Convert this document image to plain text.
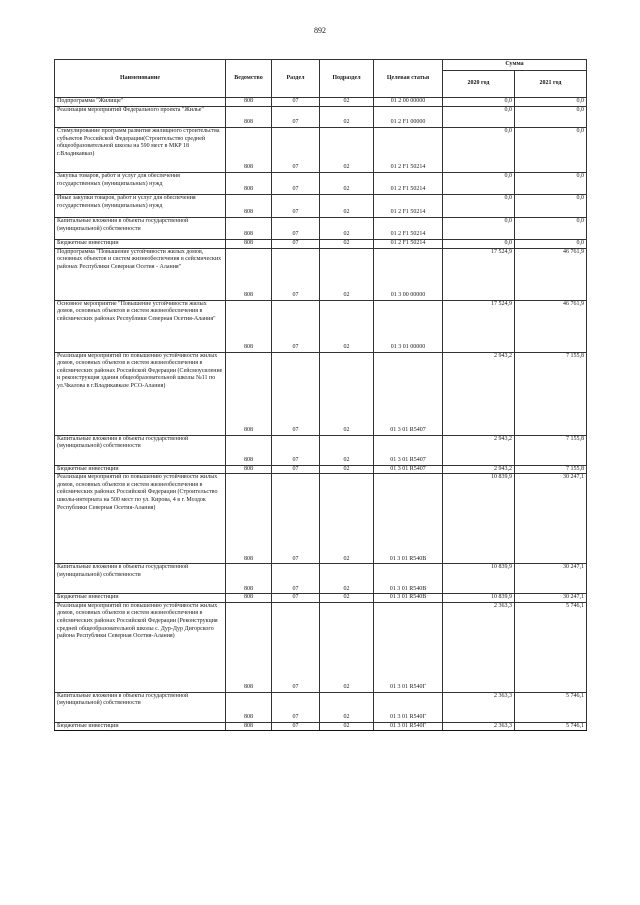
892
Наименование	Ведомство	Раздел	Подраздел	Целевая статья	Сумма	
					2020 год	2021 год
Подпрограмма "Жилище"	808	07	02	01 2 00 00000	0,0	0,0
Реализация мероприятий Федерального проекта "Жилье"	808	07	02	01 2 F1 00000	0,0	0,0
Стимулирование программ развития жилищного строительства субъектов Российской Федерации(Строительство средней общеобразовательной школы на 590 мест в МКР 18 г.Владикавказ)	808	07	02	01 2 F1 50214	0,0	0,0
Закупка товаров, работ и услуг для обеспечения государственных (муниципальных) нужд	808	07	02	01 2 F1 50214	0,0	0,0
Иные закупки товаров, работ и услуг для обеспечения государственных (муниципальных) нужд	808	07	02	01 2 F1 50214	0,0	0,0
Капитальные вложения в объекты государственной (муниципальной) собственности	808	07	02	01 2 F1 50214	0,0	0,0
Бюджетные инвестиции	808	07	02	01 2 F1 50214	0,0	0,0
Подпрограмма "Повышение устойчивости жилых домов, основных объектов и систем жизнеобеспечения в сейсмических районах Республики Северная Осетия - Алания"	808	07	02	01 3 00 00000	17 524,9	46 761,9
Основное мероприятие "Повышение устойчивости жилых домов, основных объектов и систем жизнеобеспечения в сейсмических районах Республики Северная Осетия-Алания"	808	07	02	01 3 01 00000	17 524,9	46 761,9
Реализация мероприятий по повышению устойчивости жилых домов, основных объектов и систем жизнеобеспечения в сейсмических районах Российской Федерации (Сейсмоусиление и реконструкция здания общеобразовательной школы №11 по ул.Чкалова в г.Владикавказе РСО-Алания)	808	07	02	01 3 01 R5407	2 943,2	7 155,8
Капитальные вложения в объекты государственной (муниципальной) собственности	808	07	02	01 3 01 R5407	2 943,2	7 155,8
Бюджетные инвестиции	808	07	02	01 3 01 R5407	2 943,2	7 155,8
Реализация мероприятий по повышению устойчивости жилых домов, основных объектов и систем жизнеобеспечения в сейсмических районах Российской Федерации (Строительство школы-интерната на 500 мест по ул. Кирова, 4 в г. Моздок Республики Северная Осетия-Алания)	808	07	02	01 3 01 R540B	10 839,9	30 247,1
Капитальные вложения в объекты государственной (муниципальной) собственности	808	07	02	01 3 01 R540B	10 839,9	30 247,1
Бюджетные инвестиции	808	07	02	01 3 01 R540B	10 839,9	30 247,1
Реализация мероприятий по повышению устойчивости жилых домов, основных объектов и систем жизнеобеспечения в сейсмических районах Российской Федерации (Реконструкция средней общеобразовательной школы с. Дур-Дур Дигорского района Республики Северная Осетия-Алания)	808	07	02	01 3 01 R540Г	2 363,3	5 746,1
Капитальные вложения в объекты государственной (муниципальной) собственности	808	07	02	01 3 01 R540Г	2 363,3	5 746,1
Бюджетные инвестиции	808	07	02	01 3 01 R540Г	2 363,3	5 746,1
